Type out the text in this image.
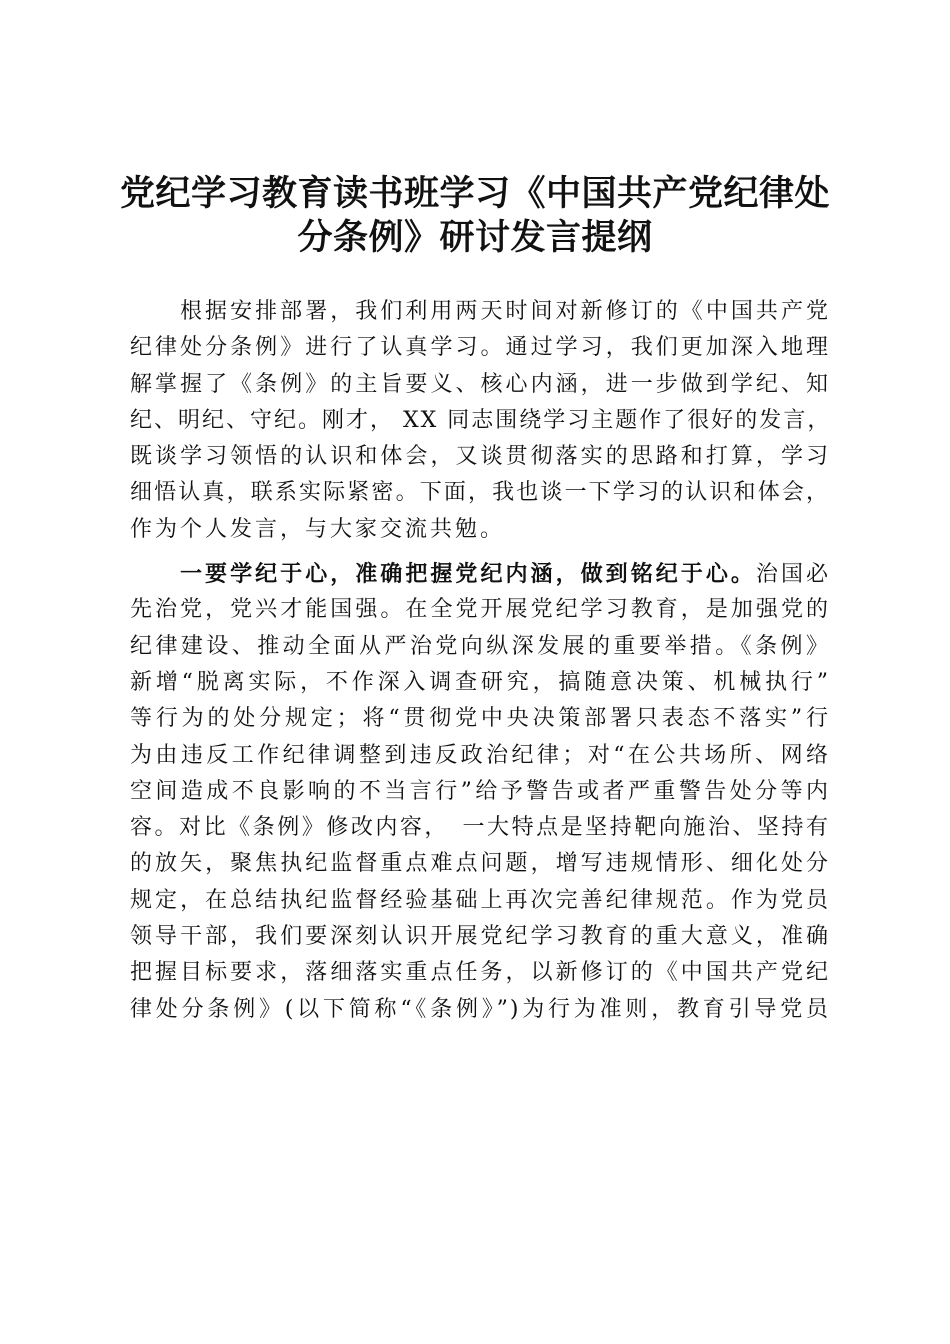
党纪学习教育读书班学习《中国共产党纪律处
分条例》研讨发言提纲
根据安排部署，我们利用两天时间对新修订的《中国共产党
纪律处分条例》进行了认真学习。通过学习，我们更加深入地理
解掌握了《条例》的主旨要义、核心内涵，进一步做到学纪、知
纪、明纪、守纪。刚才， XX 同志围绕学习主题作了很好的发言，
既谈学习领悟的认识和体会，又谈贯彻落实的思路和打算，学习
细悟认真，联系实际紧密。下面，我也谈一下学习的认识和体会，
作为个人发言，与大家交流共勉。
一要学纪于心，准确把握党纪内涵，做到铭纪于心。治国必
先治党，党兴才能国强。在全党开展党纪学习教育，是加强党的
纪律建设、推动全面从严治党向纵深发展的重要举措。《条例》
新增“脱离实际，不作深入调查研究，搞随意决策、机械执行”
等行为的处分规定；将“贯彻党中央决策部署只表态不落实”行
为由违反工作纪律调整到违反政治纪律；对“在公共场所、网络
空间造成不良影响的不当言行”给予警告或者严重警告处分等内
容。对比《条例》修改内容，　一大特点是坚持靶向施治、坚持有
的放矢，聚焦执纪监督重点难点问题，增写违规情形、细化处分
规定，在总结执纪监督经验基础上再次完善纪律规范。作为党员
领导干部，我们要深刻认识开展党纪学习教育的重大意义，准确
把握目标要求，落细落实重点任务，以新修订的《中国共产党纪
律处分条例》(以下简称“《条例》”)为行为准则，教育引导党员
